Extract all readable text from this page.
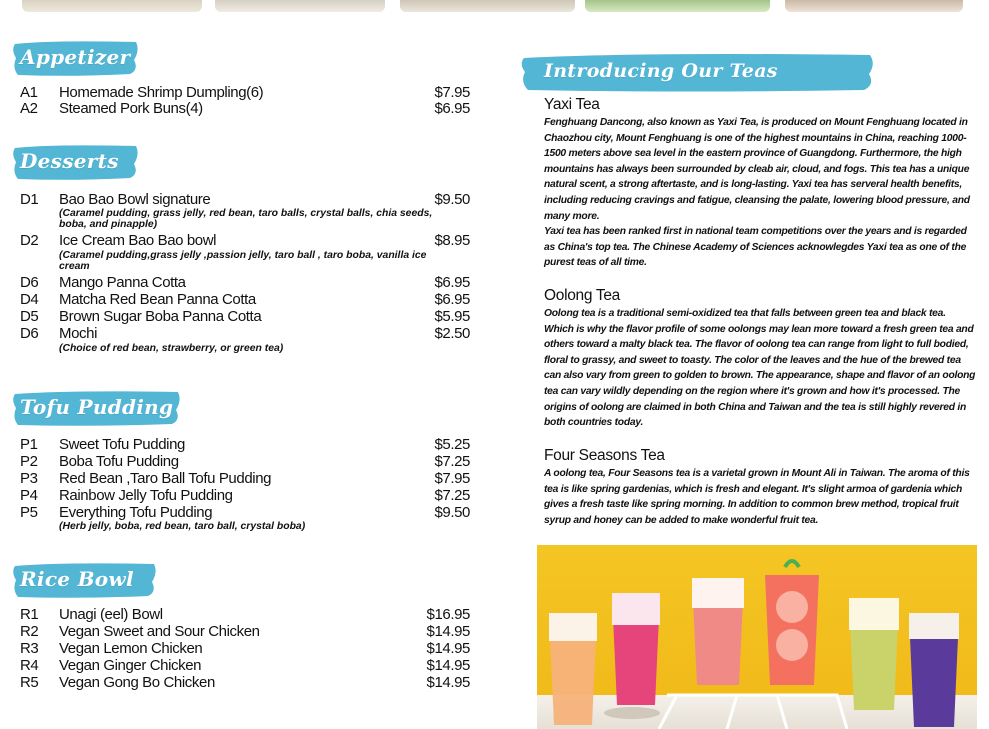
Appetizer
A1 Homemade Shrimp Dumpling(6)	$7.95
A2 Steamed Pork Buns(4)	$6.95
Desserts
D1 Bao Bao Bowl signature	$9.50
(Caramel pudding, grass jelly, red bean, taro balls, crystal balls, chia seeds, boba, and pinapple)
D2 Ice Cream Bao Bao bowl	$8.95
(Caramel pudding,grass jelly ,passion jelly, taro ball , taro boba, vanilla ice cream
D6 Mango Panna Cotta	$6.95
D4 Matcha Red Bean Panna Cotta	$6.95
D5 Brown Sugar Boba Panna Cotta	$5.95
D6 Mochi	$2.50
(Choice of red bean, strawberry, or green tea)
Tofu Pudding
P1 Sweet Tofu Pudding	$5.25
P2 Boba Tofu Pudding	$7.25
P3 Red Bean ,Taro Ball Tofu Pudding	$7.95
P4 Rainbow Jelly Tofu Pudding	$7.25
P5 Everything Tofu Pudding	$9.50
(Herb jelly, boba, red bean, taro ball, crystal boba)
Rice Bowl
R1 Unagi (eel) Bowl	$16.95
R2 Vegan Sweet and Sour Chicken	$14.95
R3 Vegan Lemon Chicken	$14.95
R4 Vegan Ginger Chicken	$14.95
R5 Vegan Gong Bo Chicken	$14.95
Introducing Our Teas
Yaxi Tea
Fenghuang Dancong, also known as Yaxi Tea, is produced on Mount Fenghuang located in Chaozhou city, Mount Fenghuang is one of the highest mountains in China, reaching 1000-1500 meters above sea level in the eastern province of Guangdong. Furthermore, the high mountains has always been surrounded by cleab air, cloud, and fogs. This tea has a unique natural scent, a strong aftertaste, and is long-lasting. Yaxi tea has serveral health benefits, including reducing cravings and fatigue, cleansing the palate, lowering blood pressure, and many more.
Yaxi tea has been ranked first in national team competitions over the years and is regarded as China's top tea. The Chinese Academy of Sciences acknowlegdes Yaxi tea as one of the purest teas of all time.
Oolong Tea
Oolong tea is a traditional semi-oxidized tea that falls between green tea and black tea. Which is why the flavor profile of some oolongs may lean more toward a fresh green tea and others toward a malty black tea. The flavor of oolong tea can range from light to full bodied, floral to grassy, and sweet to toasty. The color of the leaves and the hue of the brewed tea can also vary from green to golden to brown. The appearance, shape and flavor of an oolong tea can vary wildly depending on the region where it's grown and how it's processed. The origins of oolong are claimed in both China and Taiwan and the tea is still highly revered in both countries today.
Four Seasons Tea
A oolong tea, Four Seasons tea is a varietal grown in Mount Ali in Taiwan. The aroma of this tea is like spring gardenias, which is fresh and elegant. It's slight armoa of gardenia which gives a fresh taste like spring morning. In addition to common brew method, tropical fruit syrup and honey can be added to make wonderful fruit tea.
